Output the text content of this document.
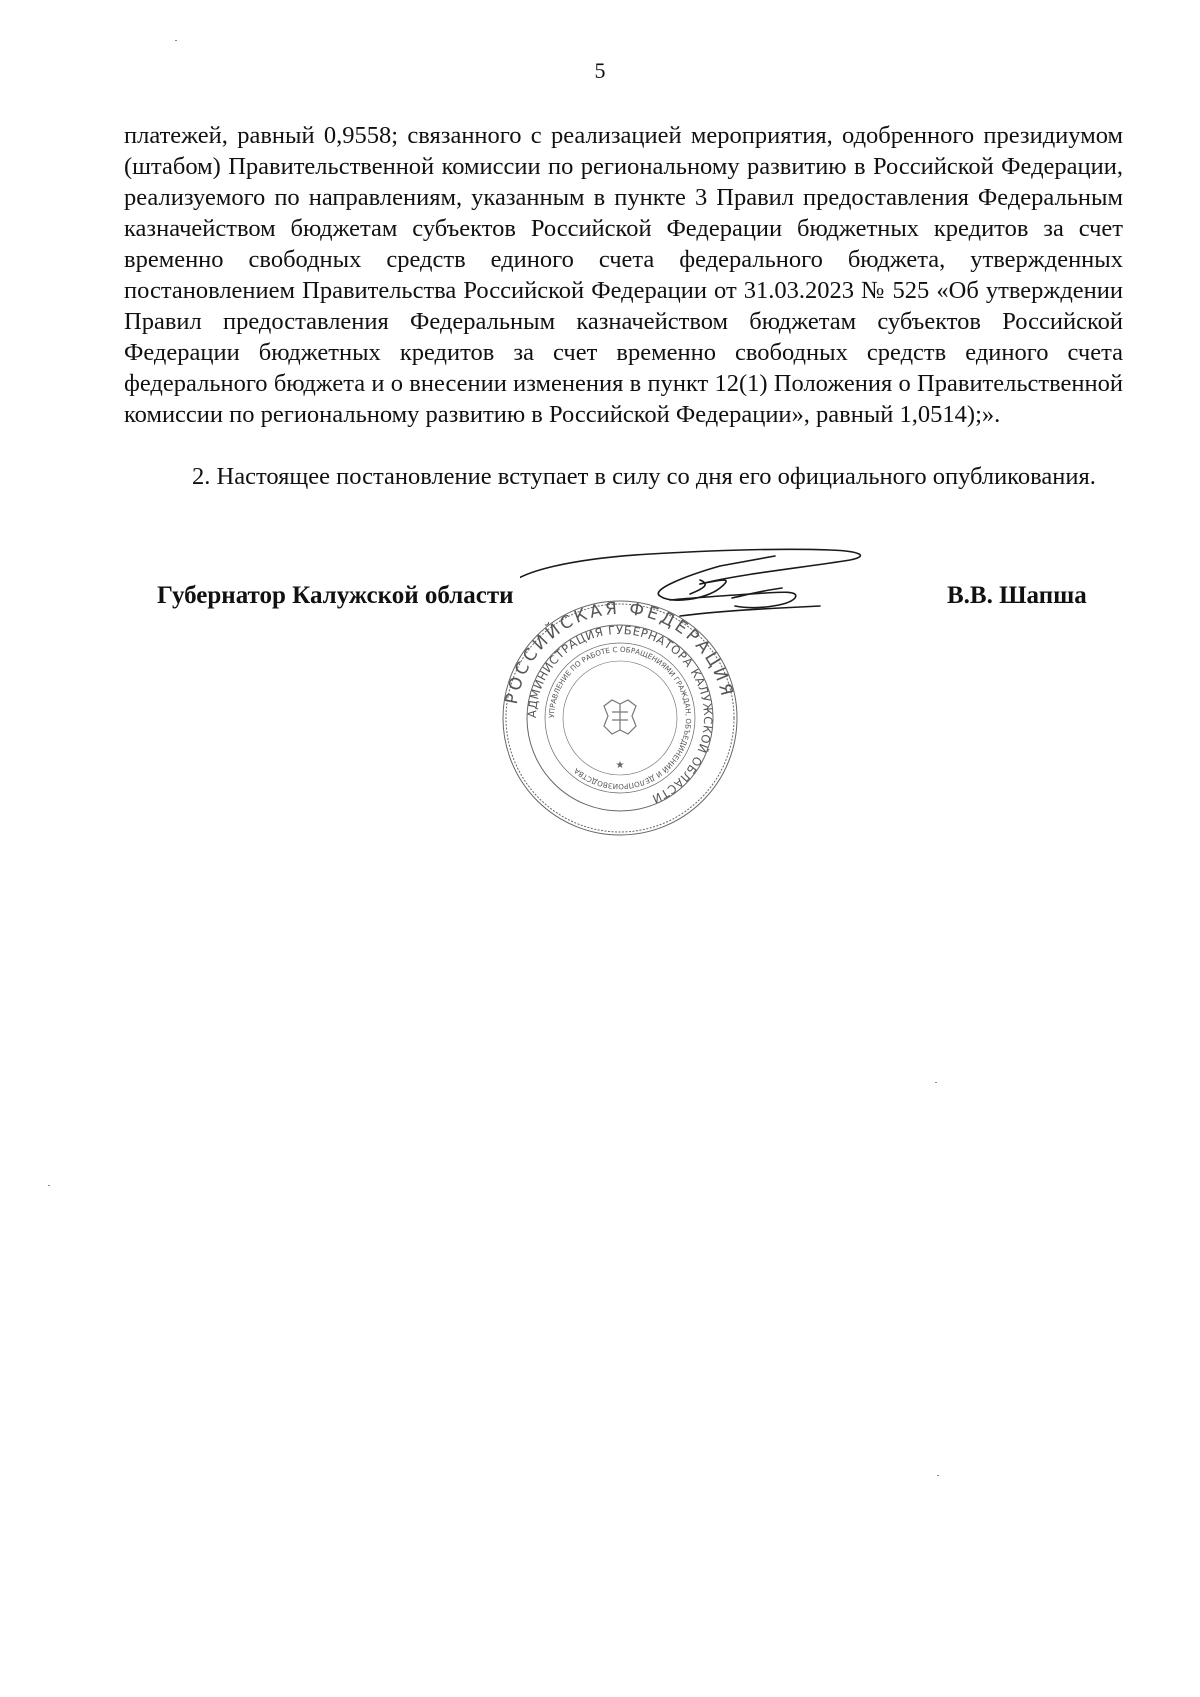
5

платежей, равный 0,9558; связанного с реализацией мероприятия, одобренного президиумом (штабом) Правительственной комиссии по региональному развитию в Российской Федерации, реализуемого по направлениям, указанным в пункте 3 Правил предоставления Федеральным казначейством бюджетам субъектов Российской Федерации бюджетных кредитов за счет временно свободных средств единого счета федерального бюджета, утвержденных постановлением Правительства Российской Федерации от 31.03.2023 № 525 «Об утверждении Правил предоставления Федеральным казначейством бюджетам субъектов Российской Федерации бюджетных кредитов за счет временно свободных средств единого счета федерального бюджета и о внесении изменения в пункт 12(1) Положения о Правительственной комиссии по региональному развитию в Российской Федерации», равный 1,0514);».

2. Настоящее постановление вступает в силу со дня его официального опубликования.

Губернатор Калужской области	В.В. Шапша
РОССИЙСКАЯ ФЕДЕРАЦИЯ
АДМИНИСТРАЦИЯ ГУБЕРНАТОРА КАЛУЖСКОЙ ОБЛАСТИ
УПРАВЛЕНИЕ ПО РАБОТЕ С ОБРАЩЕНИЯМИ ГРАЖДАН, ОБЪЕДИНЕНИЙ И ДЕЛОПРОИЗВОДСТВА
★
